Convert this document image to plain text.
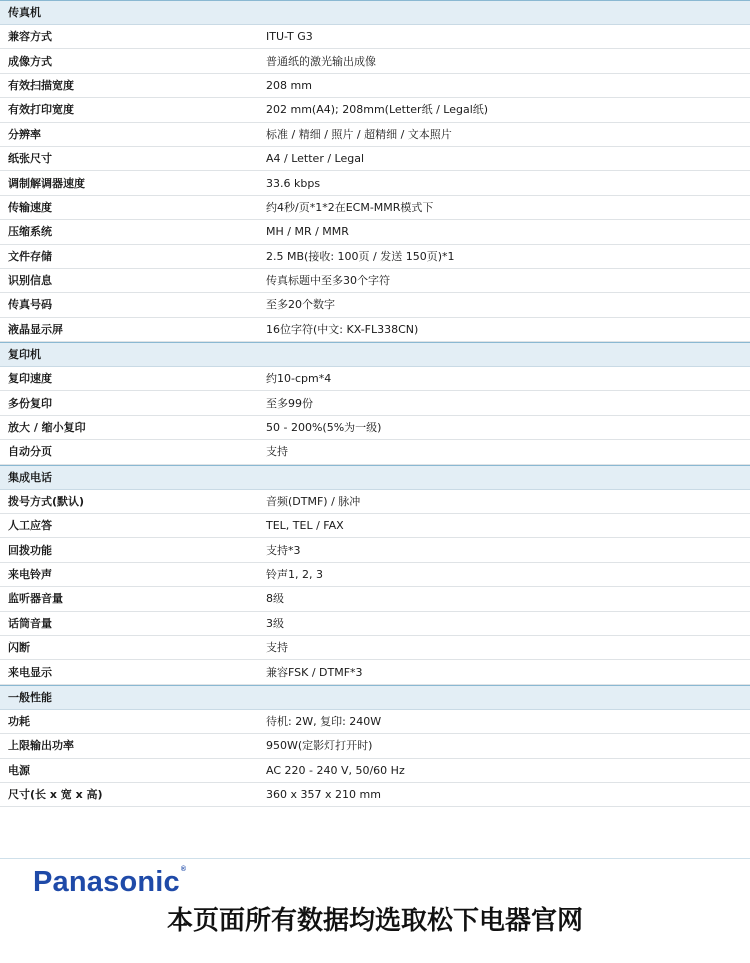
传真机
兼容方式	ITU-T G3
成像方式	普通纸的激光输出成像
有效扫描宽度	208 mm
有效打印宽度	202 mm(A4); 208mm(Letter纸 / Legal纸)
分辨率	标准 / 精细 / 照片 / 超精细 / 文本照片
纸张尺寸	A4 / Letter / Legal
调制解调器速度	33.6 kbps
传输速度	约4秒/页*1*2在ECM-MMR模式下
压缩系统	MH / MR / MMR
文件存储	2.5 MB(接收: 100页 / 发送 150页)*1
识别信息	传真标题中至多30个字符
传真号码	至多20个数字
液晶显示屏	16位字符(中文: KX-FL338CN)
复印机
复印速度	约10-cpm*4
多份复印	至多99份
放大 / 缩小复印	50 - 200%(5%为一级)
自动分页	支持
集成电话
拨号方式(默认)	音频(DTMF) / 脉冲
人工应答	TEL, TEL / FAX
回拨功能	支持*3
来电铃声	铃声1, 2, 3
监听器音量	8级
话筒音量	3级
闪断	支持
来电显示	兼容FSK / DTMF*3
一般性能
功耗	待机: 2W, 复印: 240W
上限输出功率	950W(定影灯打开时)
电源	AC 220 - 240 V, 50/60 Hz
尺寸(长 x 宽 x 高)	360 x 357 x 210 mm
Panasonic®
本页面所有数据均选取松下电器官网
